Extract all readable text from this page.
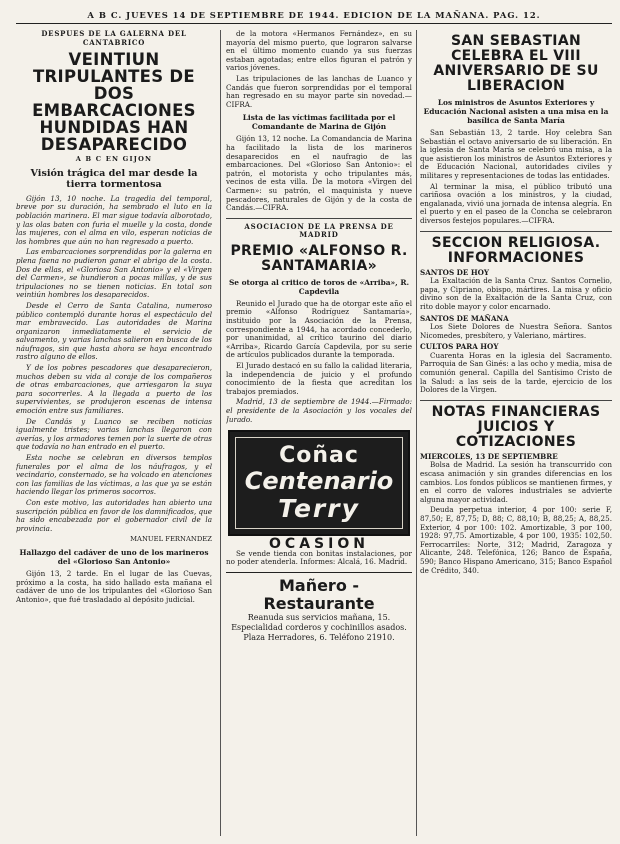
A B C. JUEVES 14 DE SEPTIEMBRE DE 1944. EDICION DE LA MAÑANA. PAG. 12.
DESPUES DE LA GALERNA DEL CANTABRICO
VEINTIUN TRIPULANTES DE DOS EMBARCACIONES HUNDIDAS HAN DESAPARECIDO
A B C EN GIJON
Visión trágica del mar desde la tierra tormentosa

Gijón 13, 10 noche. La tragedia del temporal, breve por su duración, ha sembrado el luto en la población marinera. El mar sigue todavía alborotado, y las olas baten con furia el muelle y la costa, donde las mujeres, con el alma en vilo, esperan noticias de los hombres que aún no han regresado a puerto.

Las embarcaciones sorprendidas por la galerna en plena faena no pudieron ganar el abrigo de la costa. Dos de ellas, el «Gloriosa San Antonio» y el «Virgen del Carmen», se hundieron a pocas millas, y de sus tripulaciones no se tienen noticias. En total son veintiún hombres los desaparecidos.

Desde el Cerro de Santa Catalina, numeroso público contempló durante horas el espectáculo del mar embravecido. Las autoridades de Marina organizaron inmediatamente el servicio de salvamento, y varias lanchas salieron en busca de los náufragos, sin que hasta ahora se haya encontrado rastro alguno de ellos.

Y de los pobres pescadores que desaparecieron, muchos deben su vida al coraje de los compañeros de otras embarcaciones, que arriesgaron la suya para socorrerles. A la llegada a puerto de los supervivientes, se produjeron escenas de intensa emoción entre sus familiares.

De Candás y Luanco se reciben noticias igualmente tristes; varias lanchas llegaron con averías, y los armadores temen por la suerte de otras que todavía no han entrado en el puerto.

Esta noche se celebran en diversos templos funerales por el alma de los náufragos, y el vecindario, consternado, se ha volcado en atenciones con las familias de las víctimas, a las que ya se están haciendo llegar los primeros socorros.

Con este motivo, las autoridades han abierto una suscripción pública en favor de los damnificados, que ha sido encabezada por el gobernador civil de la provincia.

MANUEL FERNANDEZ
Hallazgo del cadáver de uno de los marineros del «Glorioso San Antonio»

Gijón 13, 2 tarde. En el lugar de las Cuevas, próximo a la costa, ha sido hallado esta mañana el cadáver de uno de los tripulantes del «Glorioso San Antonio», que fué trasladado al depósito judicial.

de la motora «Hermanos Fernández», en su mayoría del mismo puerto, que lograron salvarse en el último momento cuando ya sus fuerzas estaban agotadas; entre ellos figuran el patrón y varios jóvenes.

Las tripulaciones de las lanchas de Luanco y Candás que fueron sorprendidas por el temporal han regresado en su mayor parte sin novedad.—CIFRA.

Lista de las víctimas facilitada por el Comandante de Marina de Gijón

Gijón 13, 12 noche. La Comandancia de Marina ha facilitado la lista de los marineros desaparecidos en el naufragio de las embarcaciones. Del «Glorioso San Antonio»: el patrón, el motorista y ocho tripulantes más, vecinos de esta villa. De la motora «Virgen del Carmen»: su patrón, el maquinista y nueve pescadores, naturales de Gijón y de la costa de Candás.—CIFRA.

ASOCIACION DE LA PRENSA DE MADRID
PREMIO «ALFONSO R. SANTAMARIA»
Se otorga al critico de toros de «Arriba», R. Capdevila

Reunido el Jurado que ha de otorgar este año el premio «Alfonso Rodríguez Santamaría», instituido por la Asociación de la Prensa, correspondiente a 1944, ha acordado concederlo, por unanimidad, al crítico taurino del diario «Arriba», Ricardo García Capdevila, por su serie de artículos publicados durante la temporada.

El Jurado destacó en su fallo la calidad literaria, la independencia de juicio y el profundo conocimiento de la fiesta que acreditan los trabajos premiados.

Madrid, 13 de septiembre de 1944.—Firmado: el presidente de la Asociación y los vocales del Jurado.

Coñac
Centenario
Terry
OCASION

Se vende tienda con bonitas instalaciones, por no poder atenderla. Informes: Alcalá, 16. Madrid.

Mañero - Restaurante
Reanuda sus servicios mañana, 15.
Especialidad corderos y cochinillos asados.
Plaza Herradores, 6. Teléfono 21910.
SAN SEBASTIAN CELEBRA EL VIII ANIVERSARIO DE SU LIBERACION
Los ministros de Asuntos Exteriores y Educación Nacional asisten a una misa en la basílica de Santa María

San Sebastián 13, 2 tarde. Hoy celebra San Sebastián el octavo aniversario de su liberación. En la iglesia de Santa María se celebró una misa, a la que asistieron los ministros de Asuntos Exteriores y de Educación Nacional, autoridades civiles y militares y representaciones de todas las entidades.

Al terminar la misa, el público tributó una cariñosa ovación a los ministros, y la ciudad, engalanada, vivió una jornada de intensa alegría. En el puerto y en el paseo de la Concha se celebraron diversos festejos populares.—CIFRA.

SECCION RELIGIOSA. INFORMACIONES
SANTOS DE HOY

La Exaltación de la Santa Cruz. Santos Cornelio, papa, y Cipriano, obispo, mártires. La misa y oficio divino son de la Exaltación de la Santa Cruz, con rito doble mayor y color encarnado.

SANTOS DE MAÑANA

Los Siete Dolores de Nuestra Señora. Santos Nicomedes, presbítero, y Valeriano, mártires.

CULTOS PARA HOY

Cuarenta Horas en la iglesia del Sacramento. Parroquia de San Ginés: a las ocho y media, misa de comunión general. Capilla del Santísimo Cristo de la Salud: a las seis de la tarde, ejercicio de los Dolores de la Virgen.

NOTAS FINANCIERAS JUICIOS Y COTIZACIONES
MIERCOLES, 13 DE SEPTIEMBRE

Bolsa de Madrid. La sesión ha transcurrido con escasa animación y sin grandes diferencias en los cambios. Los fondos públicos se mantienen firmes, y en el corro de valores industriales se advierte alguna mayor actividad.

Deuda perpetua interior, 4 por 100: serie F, 87,50; E, 87,75; D, 88; C, 88,10; B, 88,25; A, 88,25. Exterior, 4 por 100: 102. Amortizable, 3 por 100, 1928: 97,75. Amortizable, 4 por 100, 1935: 102,50. Ferrocarriles: Norte, 312; Madrid, Zaragoza y Alicante, 248. Telefónica, 126; Banco de España, 590; Banco Hispano Americano, 315; Banco Español de Crédito, 340.
